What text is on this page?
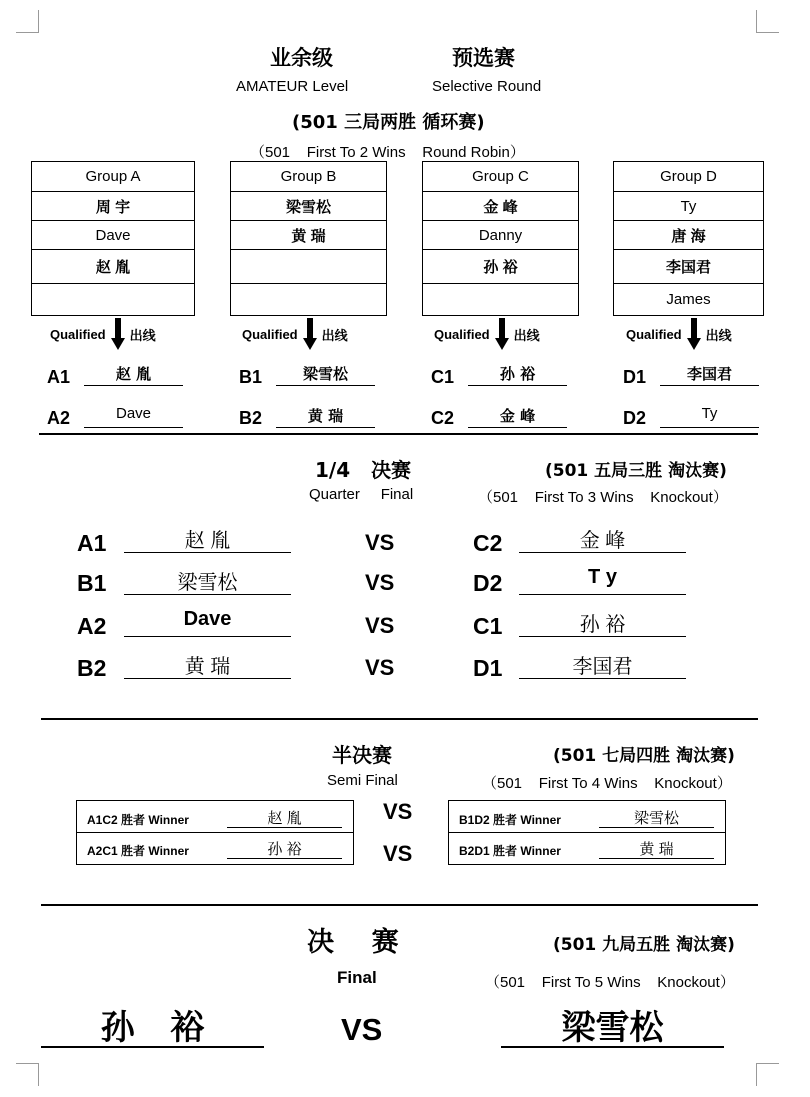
业余级	预选赛
AMATEUR Level	Selective Round
(501 三局两胜 循环赛)
（501    First To 2 Wins    Round Robin）
Group A
周 宇
Dave
赵 胤
Group B
梁雪松
黄 瑞
Group C
金 峰
Danny
孙 裕
Group D
Ty
唐 海
李国君
James
Qualified 出线	Qualified 出线	Qualified 出线	Qualified 出线
A1	赵 胤
A2	Dave
B1	梁雪松
B2	黄 瑞
C1	孙 裕
C2	金 峰
D1	李国君
D2	Ty
1/4   决赛
Quarter     Final
(501 五局三胜 淘汰赛)
（501    First To 3 Wins    Knockout）
A1	赵 胤	VS	C2	金 峰
B1	梁雪松	VS	D2	T y
A2	Dave	VS	C1	孙 裕
B2	黄 瑞	VS	D1	李国君
半决赛
Semi Final
(501 七局四胜 淘汰赛)
（501    First To 4 Wins    Knockout）
A1C2 胜者 Winner	赵 胤
A2C1 胜者 Winner	孙 裕
VS
VS
B1D2 胜者 Winner	梁雪松
B2D1 胜者 Winner	黄 瑞
决    赛
Final
(501 九局五胜 淘汰赛)
（501    First To 5 Wins    Knockout）
孙   裕	VS	梁雪松
